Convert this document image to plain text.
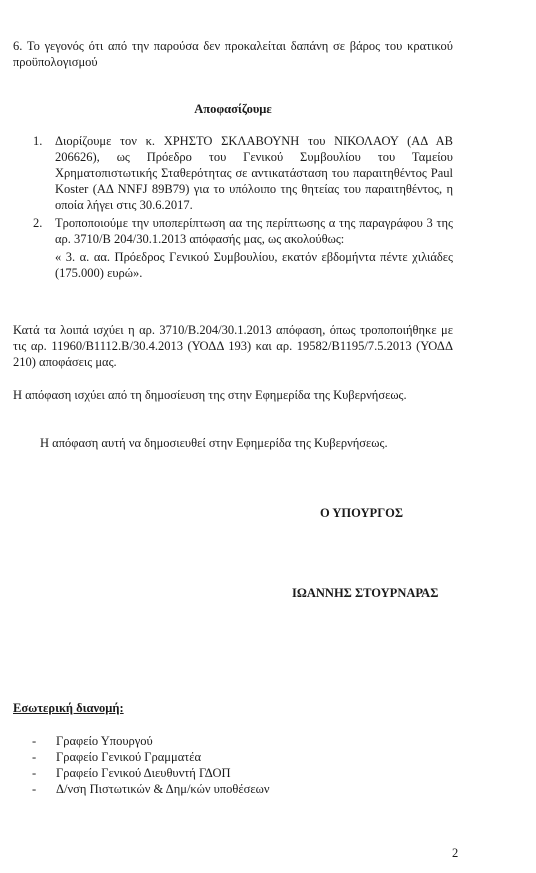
6. Το γεγονός ότι από την παρούσα δεν προκαλείται δαπάνη σε βάρος του κρατικού προϋπολογισμού
Αποφασίζουμε
1. Διορίζουμε τον κ. ΧΡΗΣΤΟ ΣΚΛΑΒΟΥΝΗ του ΝΙΚΟΛΑΟΥ (ΑΔ ΑΒ 206626), ως Πρόεδρο του Γενικού Συμβουλίου του Ταμείου Χρηματοπιστωτικής Σταθερότητας σε αντικατάσταση του παραιτηθέντος Paul Koster (ΑΔ NNFJ 89B79) για το υπόλοιπο της θητείας του παραιτηθέντος, η οποία λήγει στις 30.6.2017.
2. Τροποποιούμε την υποπερίπτωση αα της περίπτωσης α της παραγράφου 3 της αρ. 3710/Β 204/30.1.2013 απόφασής μας, ως ακολούθως:
« 3. α. αα. Πρόεδρος Γενικού Συμβουλίου, εκατόν εβδομήντα πέντε χιλιάδες (175.000) ευρώ».
Κατά τα λοιπά ισχύει η αρ. 3710/Β.204/30.1.2013 απόφαση, όπως τροποποιήθηκε με τις αρ. 11960/Β1112.Β/30.4.2013 (ΥΟΔΔ 193) και αρ. 19582/Β1195/7.5.2013 (ΥΟΔΔ 210) αποφάσεις μας.
Η απόφαση ισχύει από τη δημοσίευση της στην Εφημερίδα της Κυβερνήσεως.
Η απόφαση αυτή να δημοσιευθεί στην Εφημερίδα της Κυβερνήσεως.
Ο ΥΠΟΥΡΓΟΣ
ΙΩΑΝΝΗΣ ΣΤΟΥΡΝΑΡΑΣ
Εσωτερική διανομή:
- Γραφείο Υπουργού
- Γραφείο Γενικού Γραμματέα
- Γραφείο Γενικού Διευθυντή ΓΔΟΠ
- Δ/νση Πιστωτικών & Δημ/κών υποθέσεων
2
